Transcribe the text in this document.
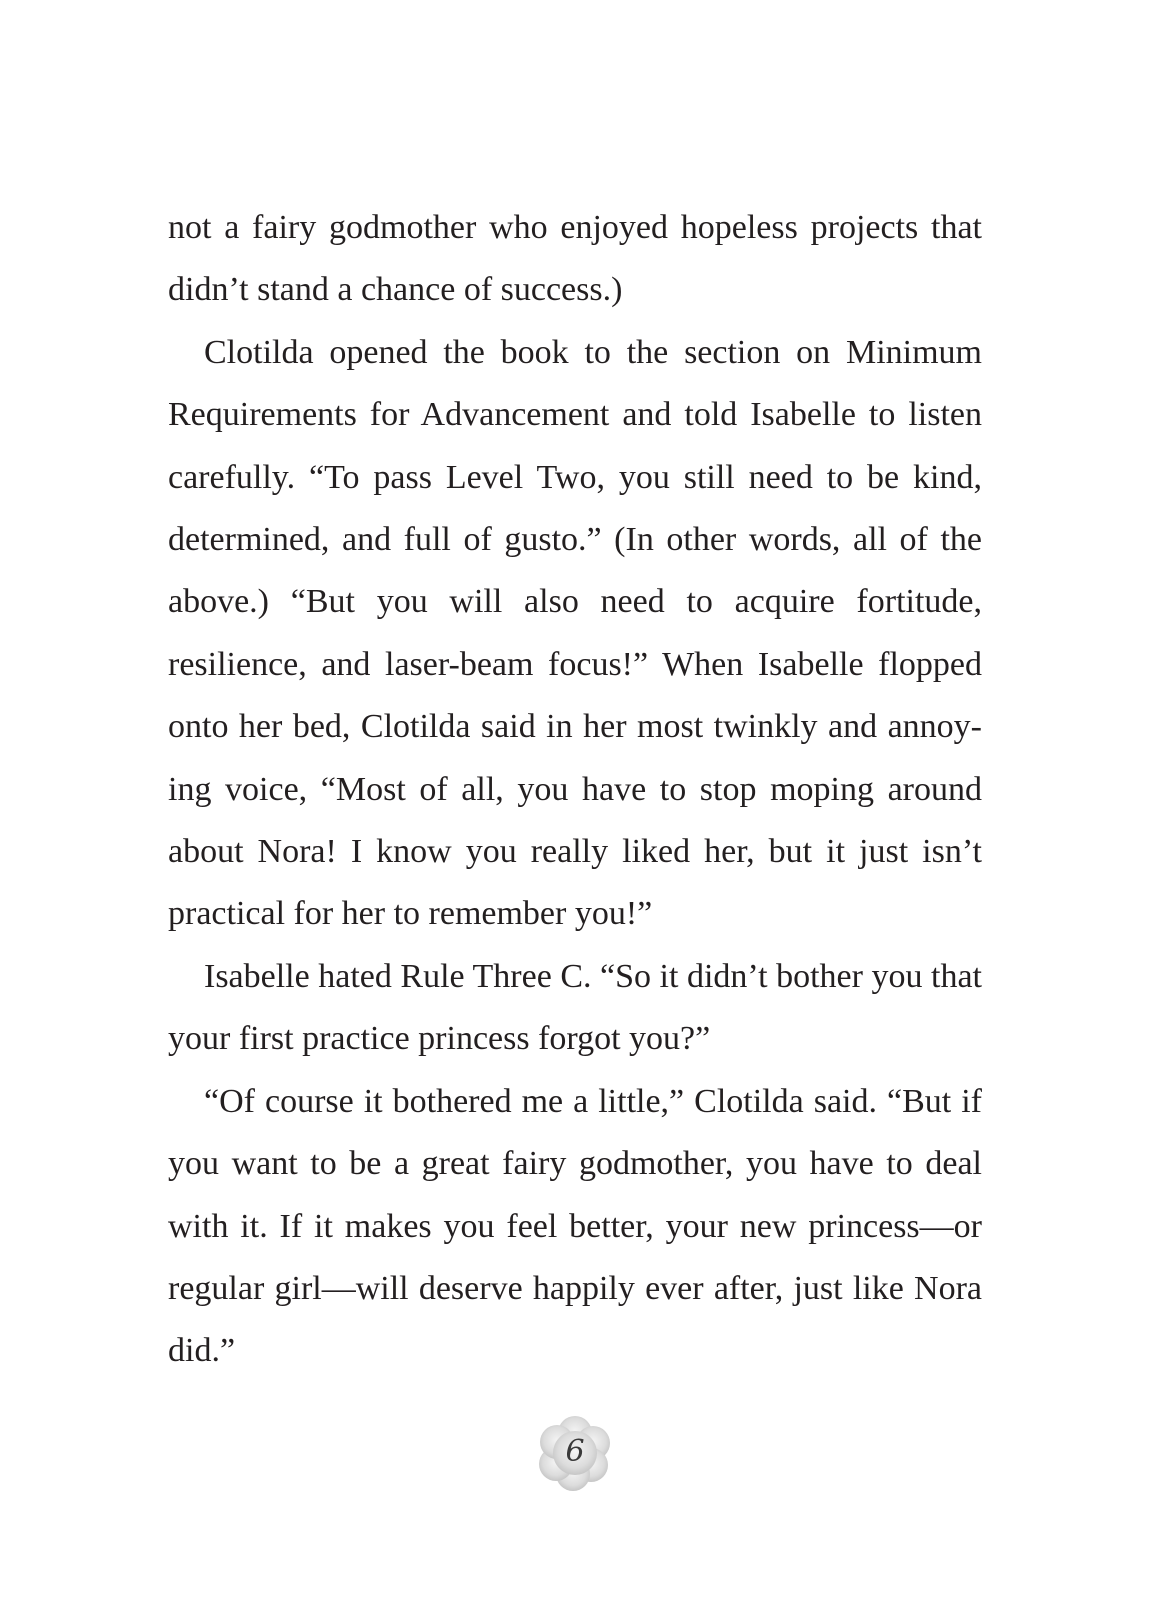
not a fairy godmother who enjoyed hopeless projects that didn’t stand a chance of success.)

Clotilda opened the book to the section on Minimum Requirements for Advancement and told Isabelle to listen carefully. “To pass Level Two, you still need to be kind, determined, and full of gusto.” (In other words, all of the above.) “But you will also need to acquire fortitude, resilience, and laser-beam focus!” When Isabelle flopped onto her bed, Clotilda said in her most twinkly and annoying voice, “Most of all, you have to stop moping around about Nora! I know you really liked her, but it just isn’t practical for her to remember you!”

Isabelle hated Rule Three C. “So it didn’t bother you that your first practice princess forgot you?”

“Of course it bothered me a little,” Clotilda said. “But if you want to be a great fairy godmother, you have to deal with it. If it makes you feel better, your new princess—or regular girl—will deserve happily ever after, just like Nora did.”

6
